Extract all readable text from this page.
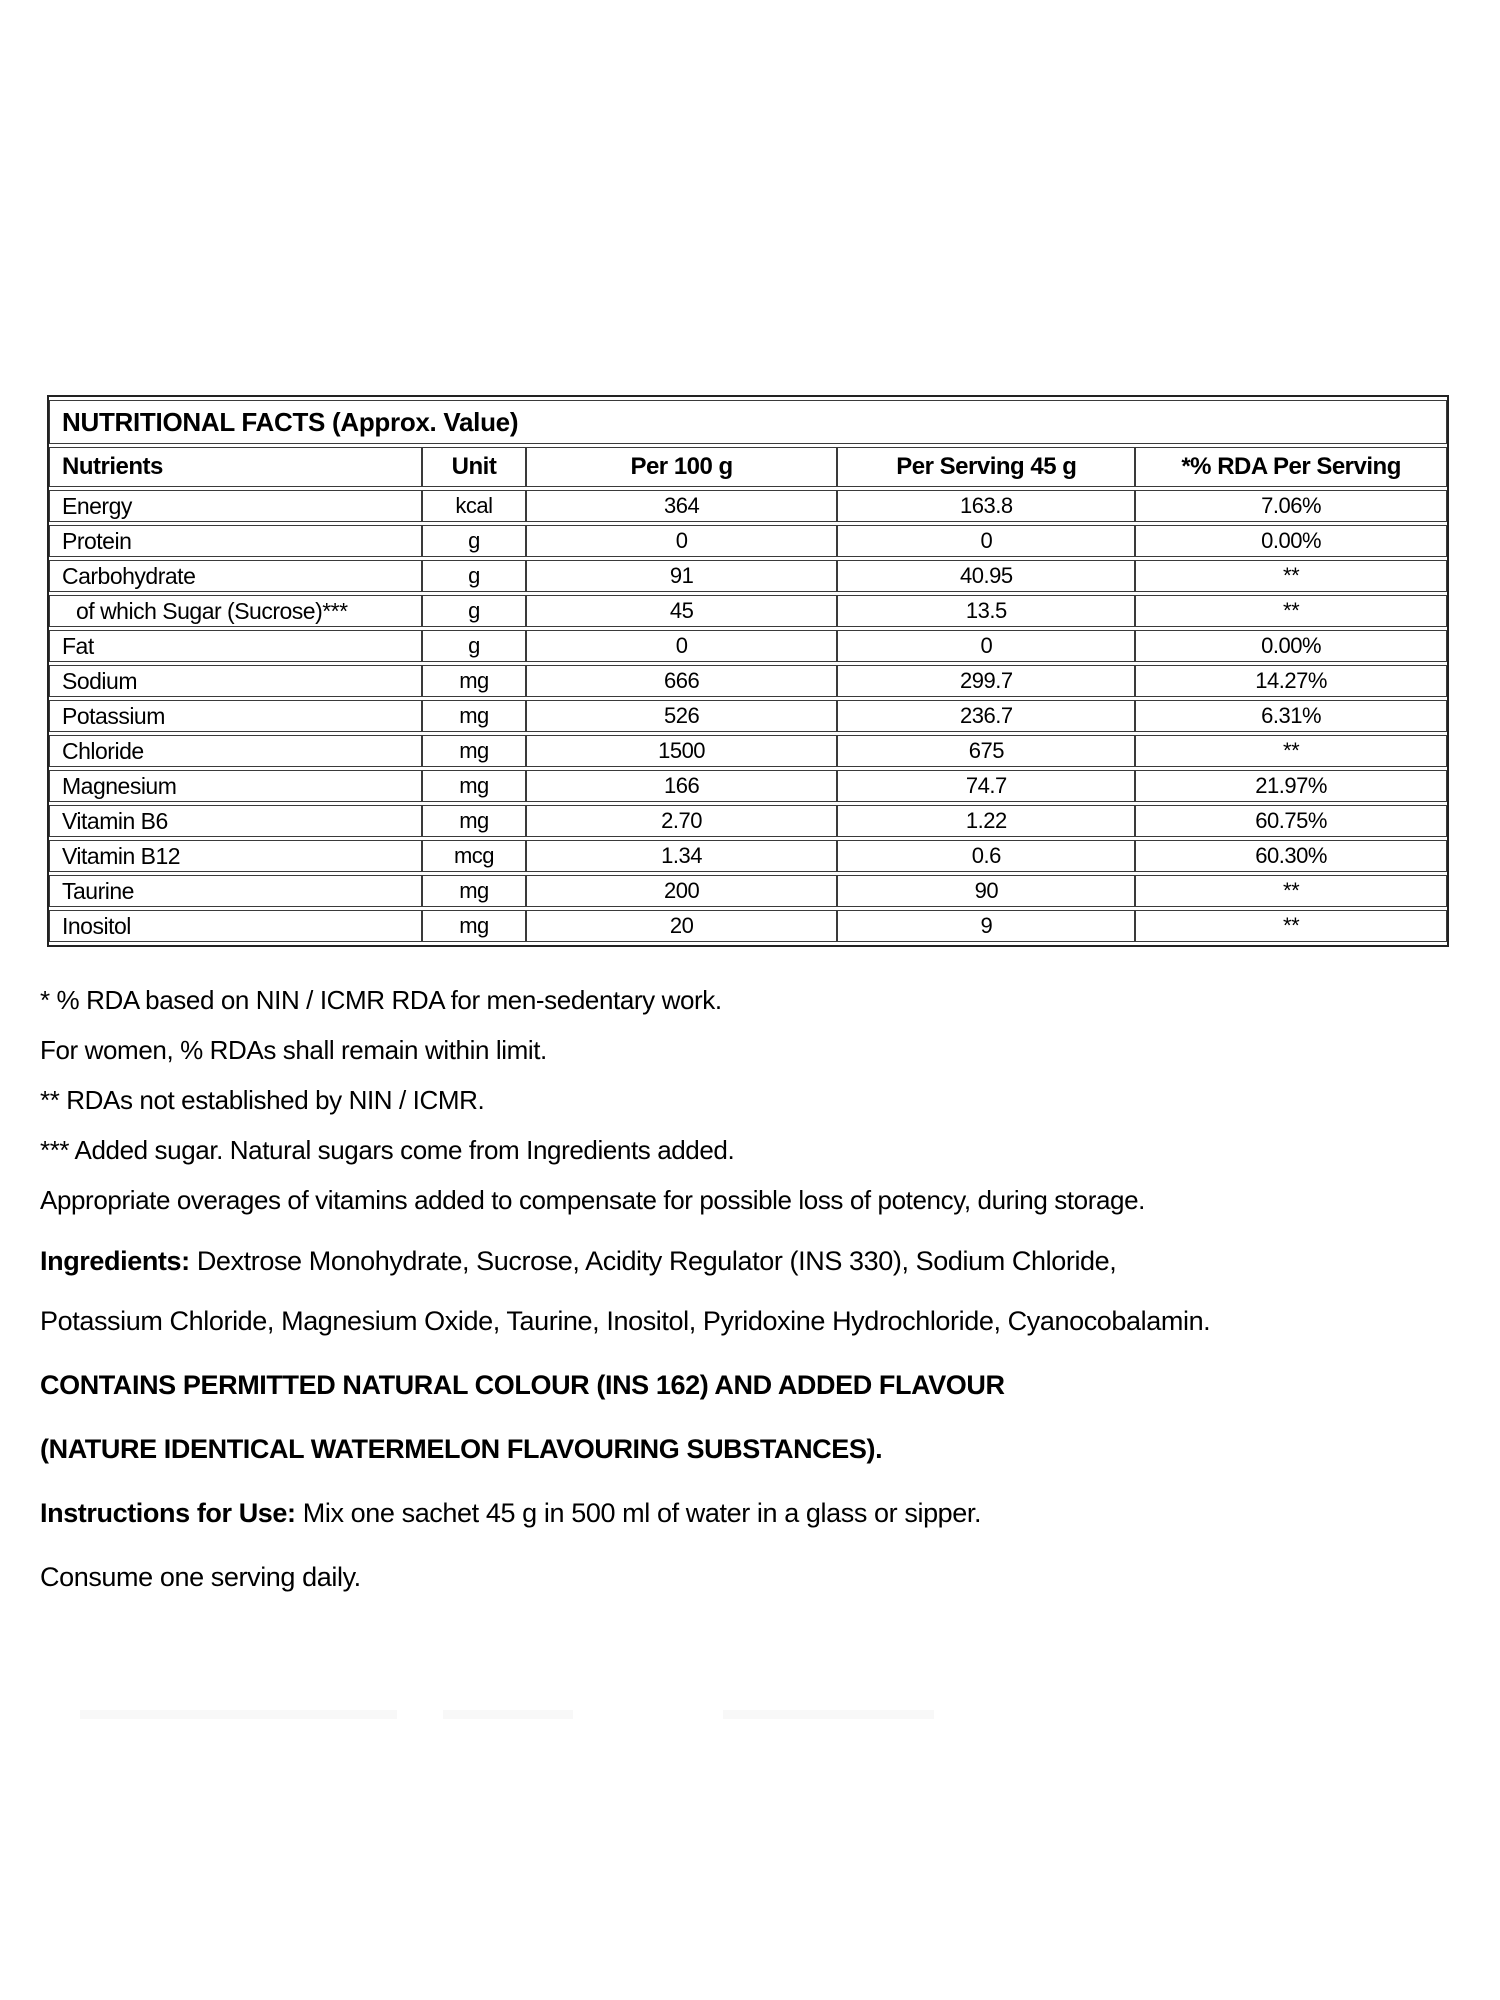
NUTRITIONAL FACTS (Approx. Value)				
Nutrients	Unit	Per 100 g	Per Serving 45 g	*% RDA Per Serving
Energy	kcal	364	163.8	7.06%
Protein	g	0	0	0.00%
Carbohydrate	g	91	40.95	**
of which Sugar (Sucrose)***	g	45	13.5	**
Fat	g	0	0	0.00%
Sodium	mg	666	299.7	14.27%
Potassium	mg	526	236.7	6.31%
Chloride	mg	1500	675	**
Magnesium	mg	166	74.7	21.97%
Vitamin B6	mg	2.70	1.22	60.75%
Vitamin B12	mcg	1.34	0.6	60.30%
Taurine	mg	200	90	**
Inositol	mg	20	9	**

* % RDA based on NIN / ICMR RDA for men-sedentary work.

For women, % RDAs shall remain within limit.

** RDAs not established by NIN / ICMR.

*** Added sugar. Natural sugars come from Ingredients added.

Appropriate overages of vitamins added to compensate for possible loss of potency, during storage.

Ingredients: Dextrose Monohydrate, Sucrose, Acidity Regulator (INS 330), Sodium Chloride,

Potassium Chloride, Magnesium Oxide, Taurine, Inositol, Pyridoxine Hydrochloride, Cyanocobalamin.

CONTAINS PERMITTED NATURAL COLOUR (INS 162) AND ADDED FLAVOUR

(NATURE IDENTICAL WATERMELON FLAVOURING SUBSTANCES).

Instructions for Use: Mix one sachet 45 g in 500 ml of water in a glass or sipper.

Consume one serving daily.
